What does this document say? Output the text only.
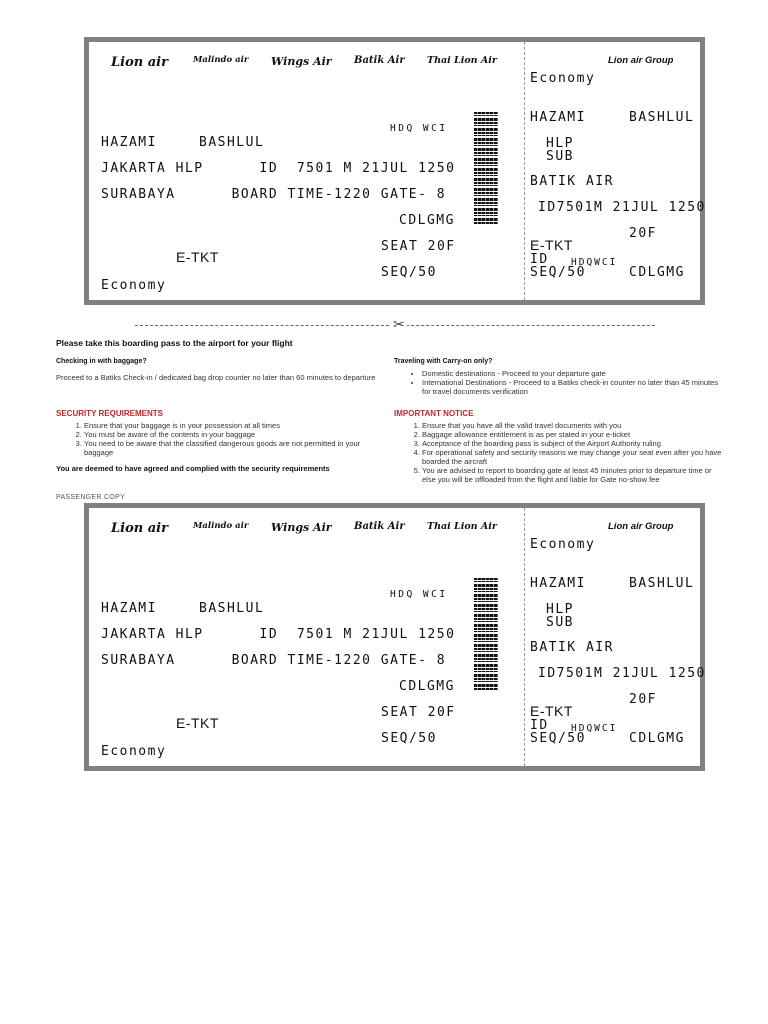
Lion air	Malindo air Wings Air Batik Air Thai Lion Air	Lion air Group
HDQ WCI
HAZAMI	BASHLUL
JAKARTA HLP      ID  7501 M 21JUL 1250
SURABAYA      BOARD TIME-1220 GATE- 8
CDLGMG
SEAT 20F
E-TKT
SEQ/50
Economy
Economy
HAZAMI	BASHLUL
HLP
SUB
BATIK AIR
ID7501M 21JUL 1250
20F
E-TKT
ID HDQWCI
SEQ/50	CDLGMG
✂
Please take this boarding pass to the airport for your flight
Checking in with baggage?
Proceed to a Batiks Check-in / dedicated bag drop counter no later than 60 minutes to departure
Traveling with Carry-on only?
• Domestic destinations - Proceed to your departure gate
• International Destinations - Proceed to a Batiks check-in counter no later than 45 minutes for travel documents verification
SECURITY REQUIREMENTS
1. Ensure that your baggage is in your possession at all times
2. You must be aware of the contents in your baggage
3. You need to be aware that the classified dangerous goods are not permitted in your baggage
You are deemed to have agreed and complied with the security requirements
IMPORTANT NOTICE
1. Ensure that you have all the valid travel documents with you
2. Baggage allowance entitlement is as per stated in your e-ticket
3. Acceptance of the boarding pass is subject of the Airport Authority ruling
4. For operational safety and security reasons we may change your seat even after you have boarded the aircraft
5. You are advised to report to boarding gate at least 45 minutes prior to departure time or else you will be offloaded from the flight and liable for Gate no-show fee
PASSENGER COPY
Lion air	Malindo air Wings Air Batik Air Thai Lion Air	Lion air Group
HDQ WCI
HAZAMI	BASHLUL
JAKARTA HLP      ID  7501 M 21JUL 1250
SURABAYA      BOARD TIME-1220 GATE- 8
CDLGMG
SEAT 20F
E-TKT
SEQ/50
Economy
Economy
HAZAMI	BASHLUL
HLP
SUB
BATIK AIR
ID7501M 21JUL 1250
20F
E-TKT
ID HDQWCI
SEQ/50	CDLGMG
